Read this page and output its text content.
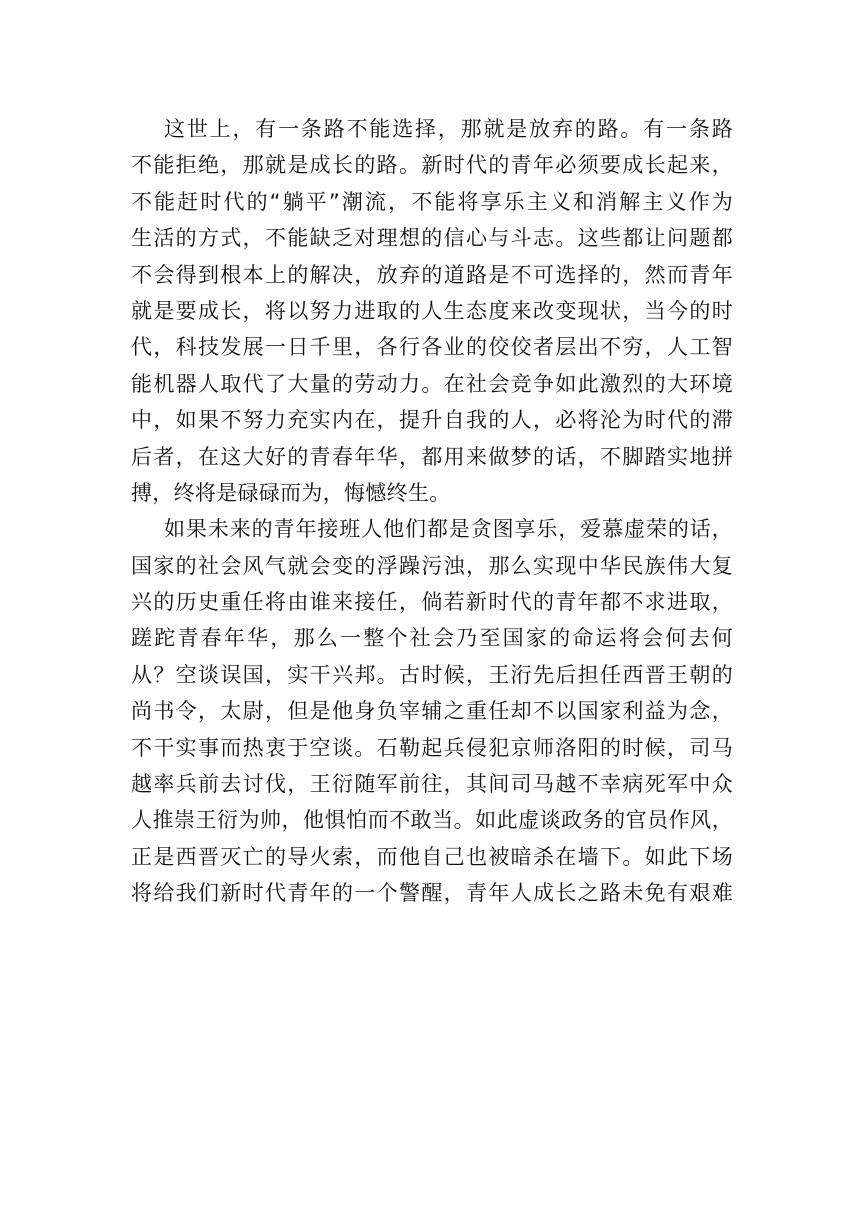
这世上，有一条路不能选择，那就是放弃的路。有一条路
不能拒绝，那就是成长的路。新时代的青年必须要成长起来，
不能赶时代的“躺平”潮流，不能将享乐主义和消解主义作为
生活的方式，不能缺乏对理想的信心与斗志。这些都让问题都
不会得到根本上的解决，放弃的道路是不可选择的，然而青年
就是要成长，将以努力进取的人生态度来改变现状，当今的时
代，科技发展一日千里，各行各业的佼佼者层出不穷，人工智
能机器人取代了大量的劳动力。在社会竞争如此激烈的大环境
中，如果不努力充实内在，提升自我的人，必将沦为时代的滞
后者，在这大好的青春年华，都用来做梦的话，不脚踏实地拼
搏，终将是碌碌而为，悔憾终生。
如果未来的青年接班人他们都是贪图享乐，爱慕虚荣的话，
国家的社会风气就会变的浮躁污浊，那么实现中华民族伟大复
兴的历史重任将由谁来接任，倘若新时代的青年都不求进取，
蹉跎青春年华，那么一整个社会乃至国家的命运将会何去何
从？空谈误国，实干兴邦。古时候，王洐先后担任西晋王朝的
尚书令，太尉，但是他身负宰辅之重任却不以国家利益为念，
不干实事而热衷于空谈。石勒起兵侵犯京师洛阳的时候，司马
越率兵前去讨伐，王衍随军前往，其间司马越不幸病死军中众
人推崇王衍为帅，他惧怕而不敢当。如此虚谈政务的官员作风，
正是西晋灭亡的导火索，而他自己也被暗杀在墙下。如此下场
将给我们新时代青年的一个警醒，青年人成长之路未免有艰难
